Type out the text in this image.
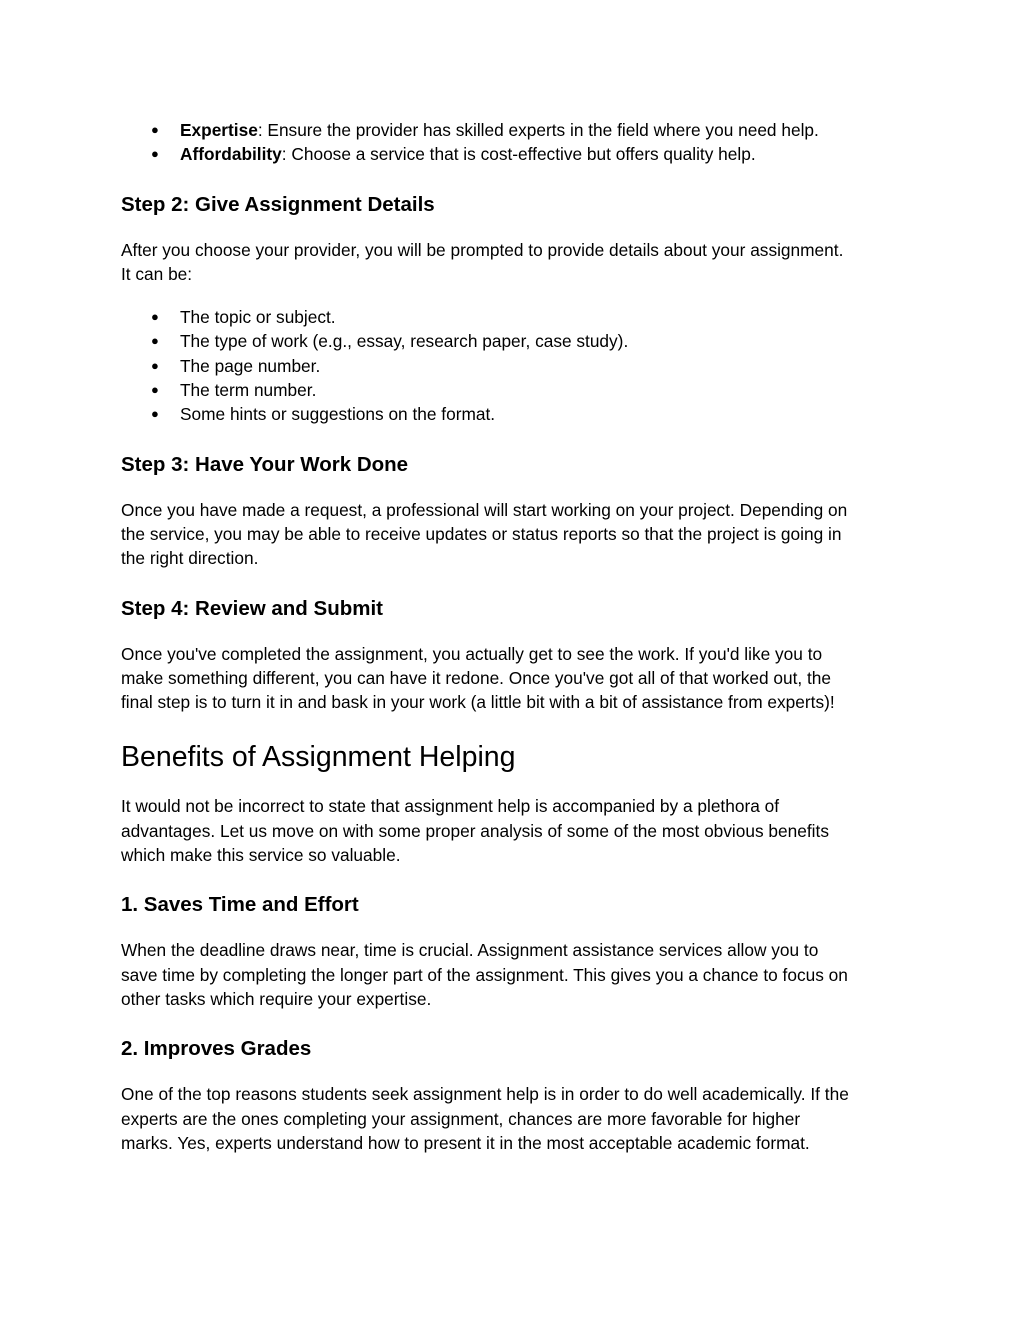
● Expertise: Ensure the provider has skilled experts in the field where you need help.
● Affordability: Choose a service that is cost-effective but offers quality help.
Step 2: Give Assignment Details

After you choose your provider, you will be prompted to provide details about your assignment.
It can be:

● The topic or subject.
● The type of work (e.g., essay, research paper, case study).
● The page number.
● The term number.
● Some hints or suggestions on the format.
Step 3: Have Your Work Done

Once you have made a request, a professional will start working on your project. Depending on
the service, you may be able to receive updates or status reports so that the project is going in
the right direction.

Step 4: Review and Submit

Once you've completed the assignment, you actually get to see the work. If you'd like you to
make something different, you can have it redone. Once you've got all of that worked out, the
final step is to turn it in and bask in your work (a little bit with a bit of assistance from experts)!

Benefits of Assignment Helping

It would not be incorrect to state that assignment help is accompanied by a plethora of
advantages. Let us move on with some proper analysis of some of the most obvious benefits
which make this service so valuable.

1. Saves Time and Effort

When the deadline draws near, time is crucial. Assignment assistance services allow you to
save time by completing the longer part of the assignment. This gives you a chance to focus on
other tasks which require your expertise.

2. Improves Grades

One of the top reasons students seek assignment help is in order to do well academically. If the
experts are the ones completing your assignment, chances are more favorable for higher
marks. Yes, experts understand how to present it in the most acceptable academic format.
